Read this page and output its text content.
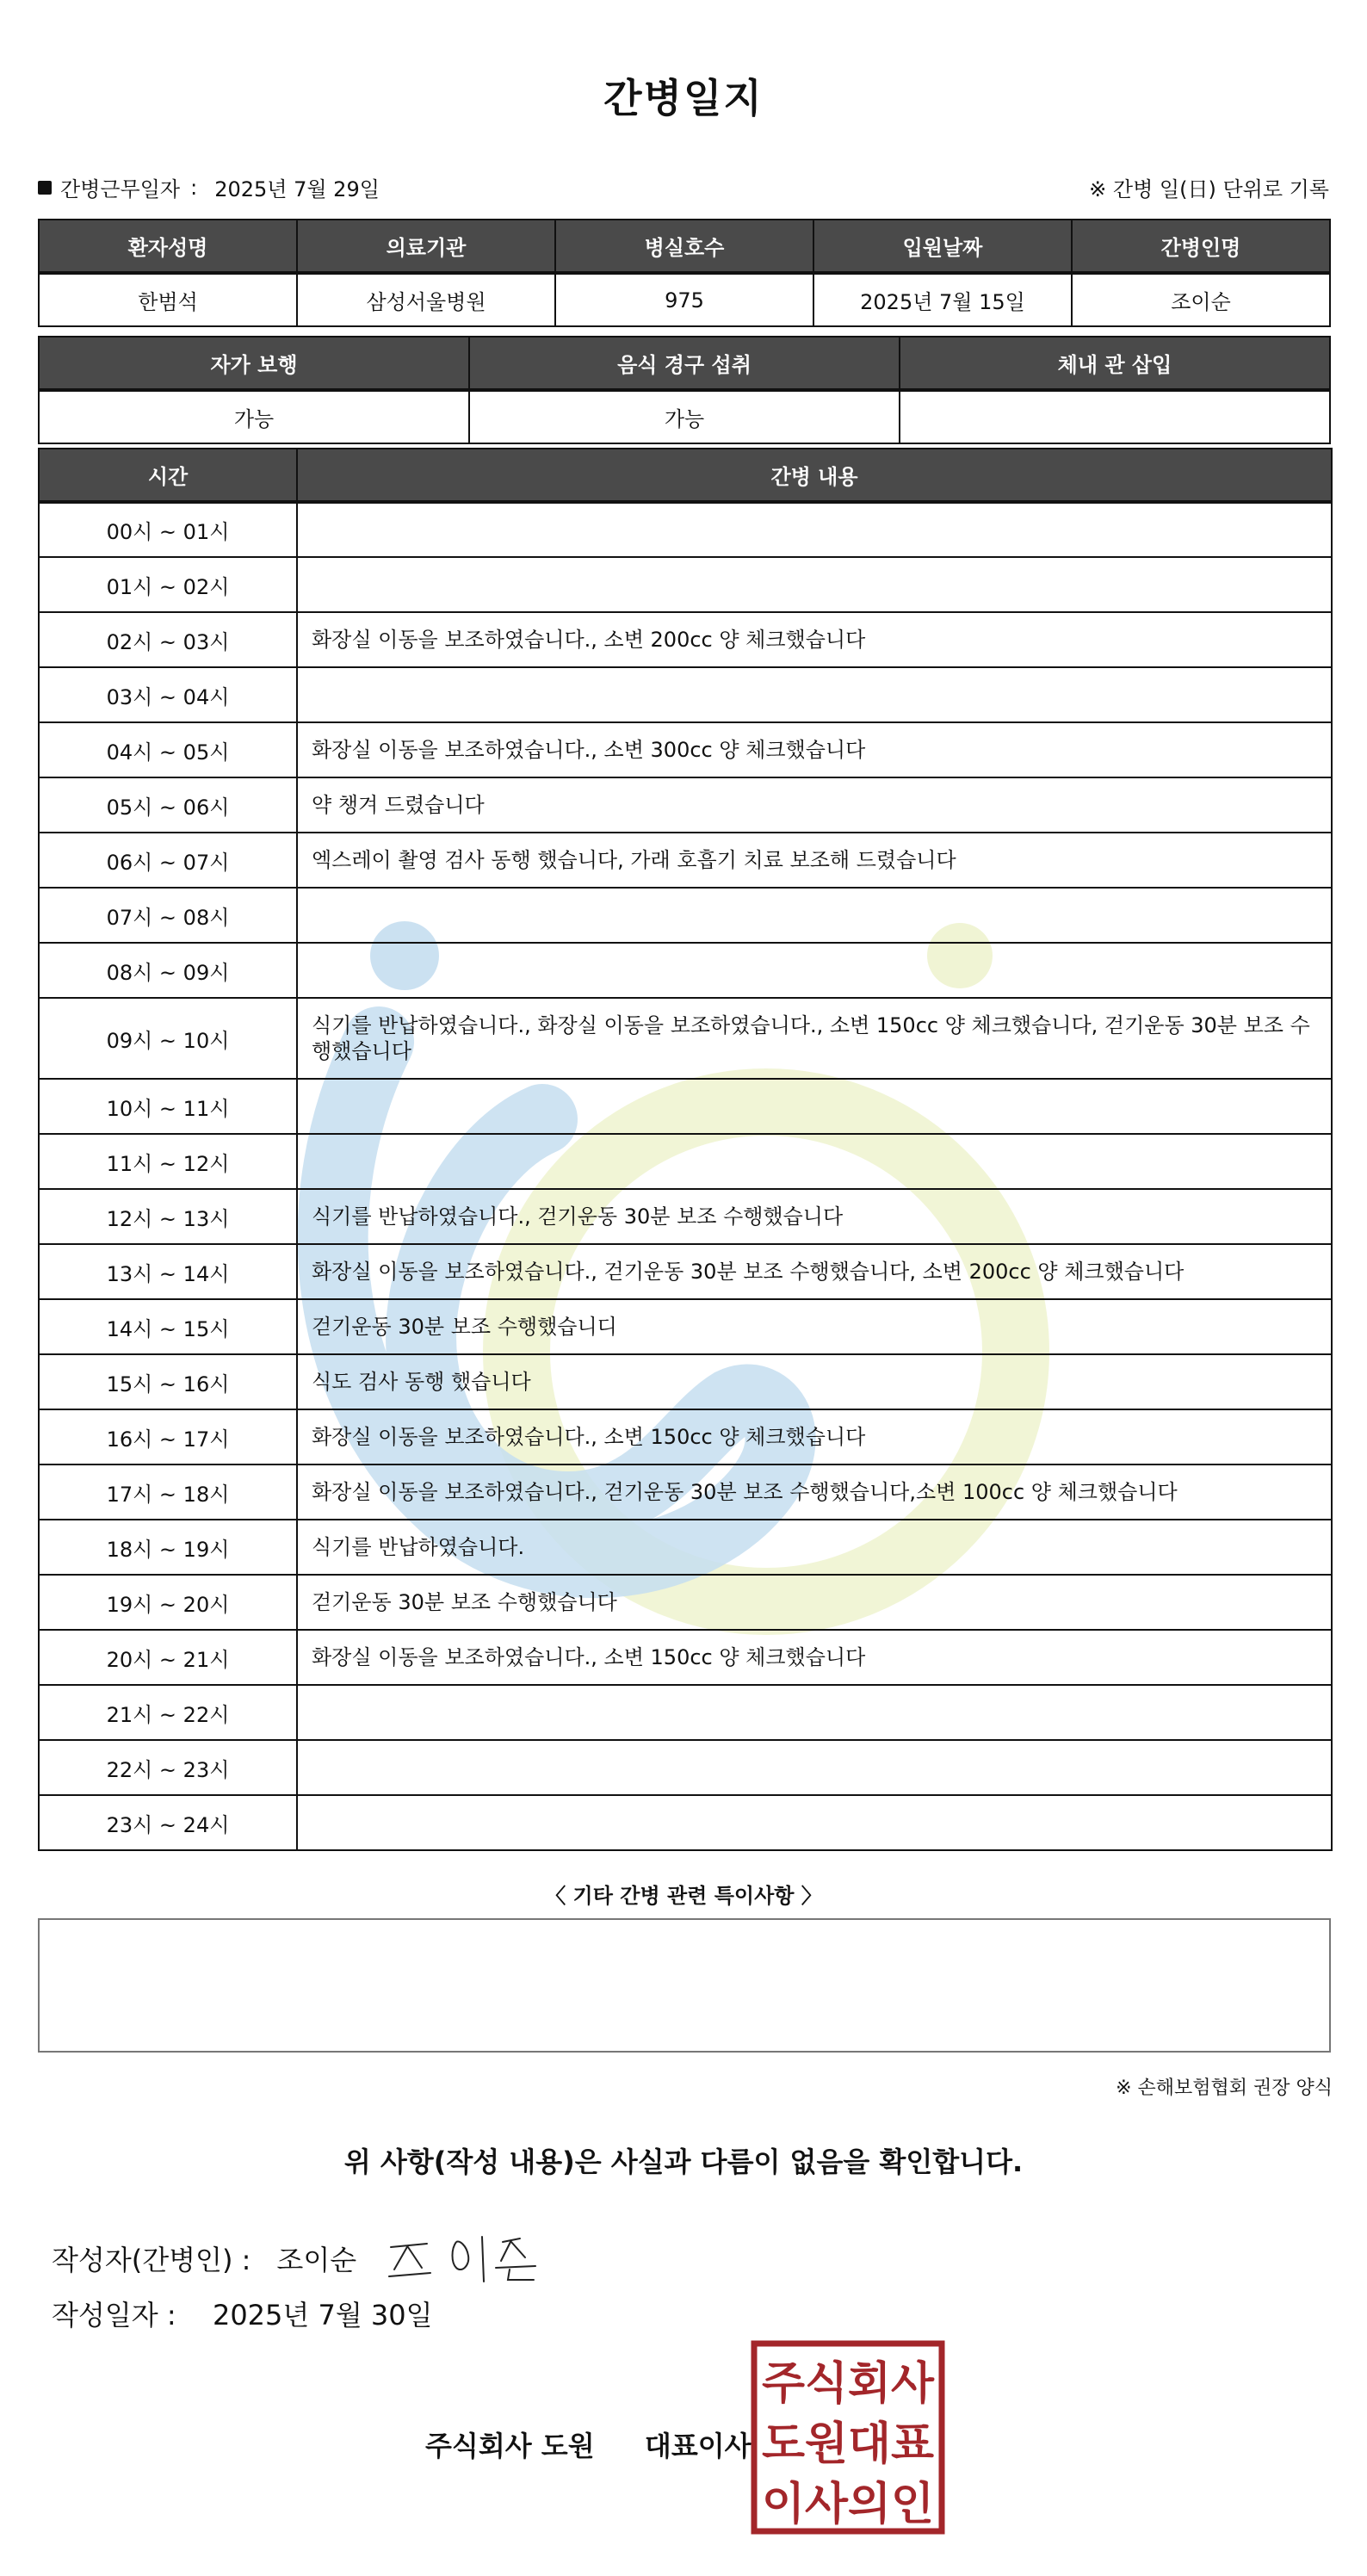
간병일지
간병근무일자 : 2025년 7월 29일	※ 간병 일(日) 단위로 기록
환자성명	의료기관	병실호수	입원날짜	간병인명
한범석	삼성서울병원	975	2025년 7월 15일	조이순
자가 보행	음식 경구 섭취	체내 관 삽입
가능	가능	
시간	간병 내용
00시 ~ 01시	
01시 ~ 02시	
02시 ~ 03시	화장실 이동을 보조하였습니다., 소변 200cc 양 체크했습니다
03시 ~ 04시	
04시 ~ 05시	화장실 이동을 보조하였습니다., 소변 300cc 양 체크했습니다
05시 ~ 06시	약 챙겨 드렸습니다
06시 ~ 07시	엑스레이 촬영 검사 동행 했습니다, 가래 호흡기 치료 보조해 드렸습니다
07시 ~ 08시	
08시 ~ 09시	
09시 ~ 10시	식기를 반납하였습니다., 화장실 이동을 보조하였습니다., 소변 150cc 양 체크했습니다, 걷기운동 30분 보조 수행했습니다
10시 ~ 11시	
11시 ~ 12시	
12시 ~ 13시	식기를 반납하였습니다., 걷기운동 30분 보조 수행했습니다
13시 ~ 14시	화장실 이동을 보조하였습니다., 걷기운동 30분 보조 수행했습니다, 소변 200cc 양 체크했습니다
14시 ~ 15시	걷기운동 30분 보조 수행했습니디
15시 ~ 16시	식도 검사 동행 했습니다
16시 ~ 17시	화장실 이동을 보조하였습니다., 소변 150cc 양 체크했습니다
17시 ~ 18시	화장실 이동을 보조하였습니다., 걷기운동 30분 보조 수행했습니다,소변 100cc 양 체크했습니다
18시 ~ 19시	식기를 반납하였습니다.
19시 ~ 20시	걷기운동 30분 보조 수행했습니다
20시 ~ 21시	화장실 이동을 보조하였습니다., 소변 150cc 양 체크했습니다
21시 ~ 22시	
22시 ~ 23시	
23시 ~ 24시	
〈 기타 간병 관련 특이사항 〉
※ 손해보험협회 권장 양식
위 사항(작성 내용)은 사실과 다름이 없음을 확인합니다.
작성자(간병인) : 조이순
작성일자 : 2025년 7월 30일
주식회사 도원 대표이사
주식회사
도원대표
이사의인
